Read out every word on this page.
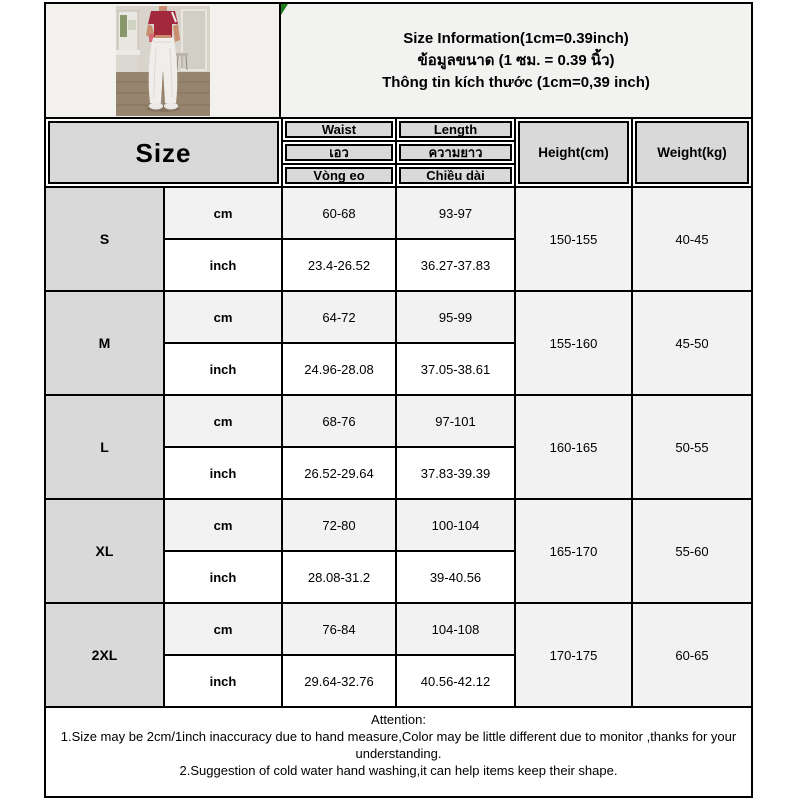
Size Information(1cm=0.39inch)
ข้อมูลขนาด (1 ซม. = 0.39 นิ้ว)
Thông tin kích thước (1cm=0,39 inch)
Size
Waist	Length
เอว	ความยาว
Vòng eo	Chiều dài
Height(cm)	Weight(kg)
S
cm	60-68	93-97
inch	23.4-26.52	36.27-37.83
150-155	40-45
M
cm	64-72	95-99
inch	24.96-28.08	37.05-38.61
155-160	45-50
L
cm	68-76	97-101
inch	26.52-29.64	37.83-39.39
160-165	50-55
XL
cm	72-80	100-104
inch	28.08-31.2	39-40.56
165-170	55-60
2XL
cm	76-84	104-108
inch	29.64-32.76	40.56-42.12
170-175	60-65
Attention:
1.Size may be 2cm/1inch inaccuracy due to hand measure,Color may be little different due to monitor ,thanks for your understanding.
2.Suggestion of cold water hand washing,it can help items keep their shape.
